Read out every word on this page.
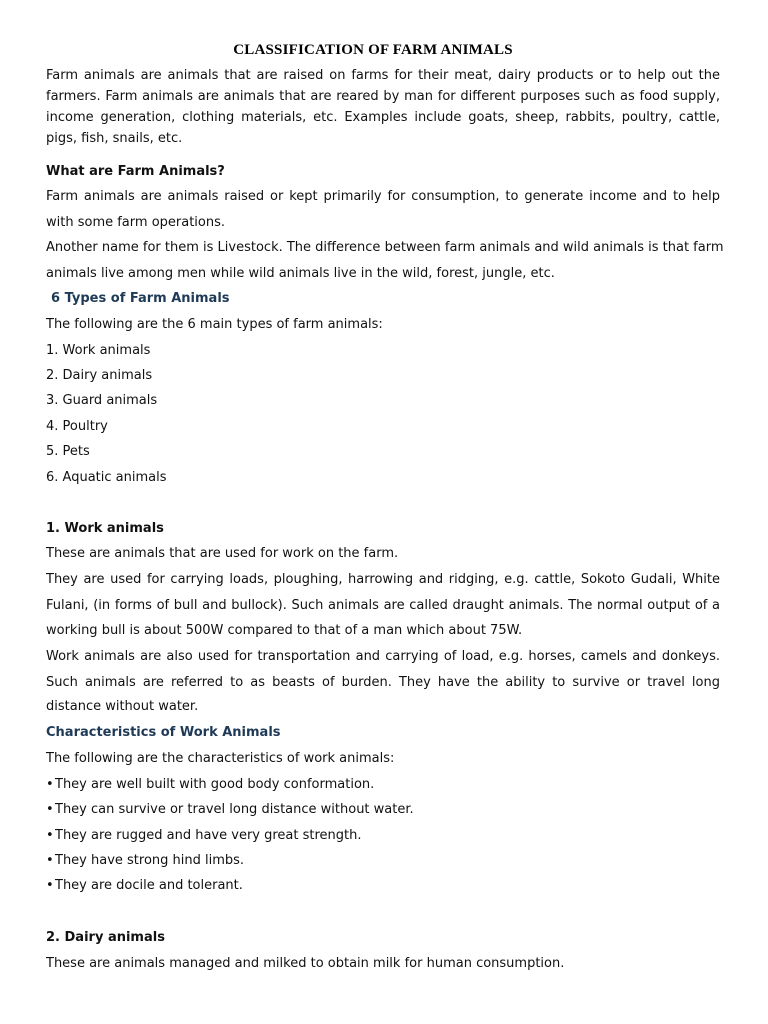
CLASSIFICATION OF FARM ANIMALS

Farm animals are animals that are raised on farms for their meat, dairy products or to help out the

farmers. Farm animals are animals that are reared by man for different purposes such as food supply,

income generation, clothing materials, etc. Examples include goats, sheep, rabbits, poultry, cattle,

pigs, fish, snails, etc.

What are Farm Animals?

Farm animals are animals raised or kept primarily for consumption, to generate income and to help

with some farm operations.

Another name for them is Livestock. The difference between farm animals and wild animals is that farm

animals live among men while wild animals live in the wild, forest, jungle, etc.

6 Types of Farm Animals

The following are the 6 main types of farm animals:

1. Work animals

2. Dairy animals

3. Guard animals

4. Poultry

5. Pets

6. Aquatic animals

1. Work animals

These are animals that are used for work on the farm.

They are used for carrying loads, ploughing, harrowing and ridging, e.g. cattle, Sokoto Gudali, White

Fulani, (in forms of bull and bullock). Such animals are called draught animals. The normal output of a

working bull is about 500W compared to that of a man which about 75W.

Work animals are also used for transportation and carrying of load, e.g. horses, camels and donkeys.

Such animals are referred to as beasts of burden. They have the ability to survive or travel long

distance without water.

Characteristics of Work Animals

The following are the characteristics of work animals:

•They are well built with good body conformation.

•They can survive or travel long distance without water.

•They are rugged and have very great strength.

•They have strong hind limbs.

•They are docile and tolerant.

2. Dairy animals

These are animals managed and milked to obtain milk for human consumption.
